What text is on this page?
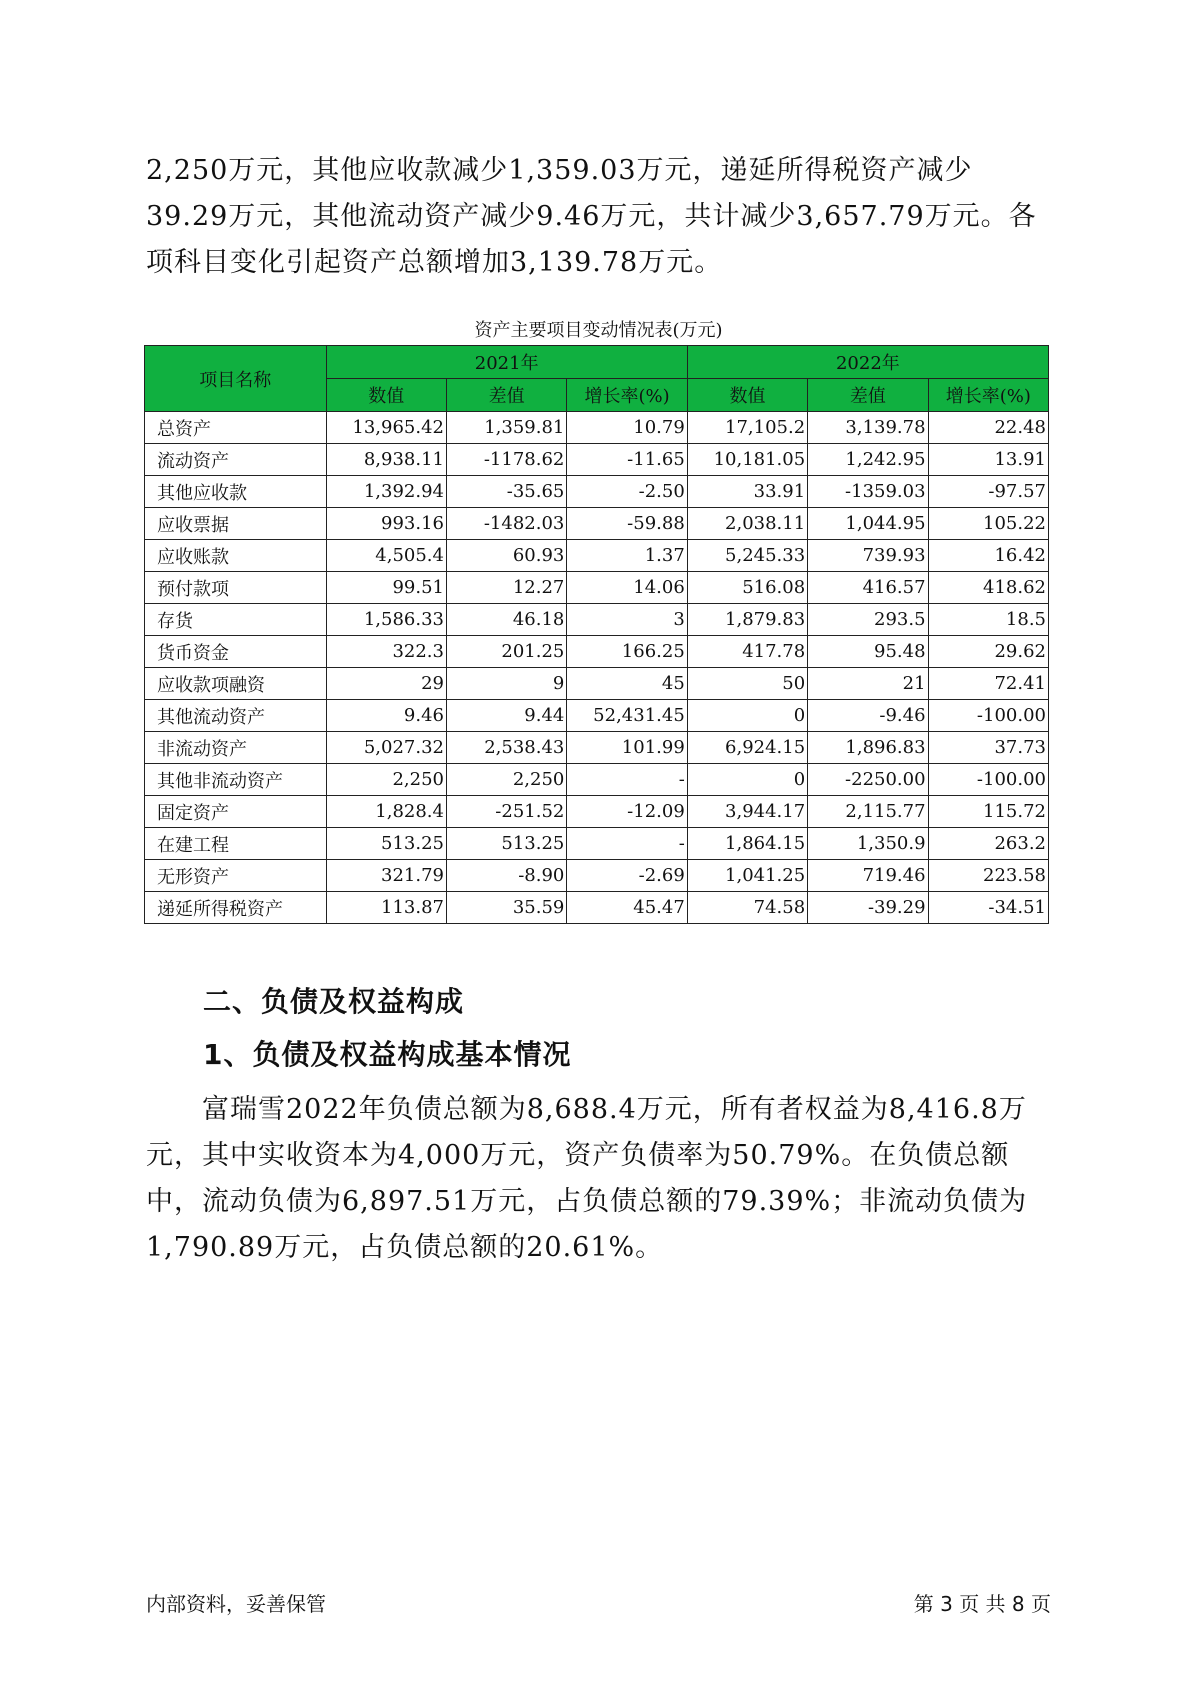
2,250万元，其他应收款减少1,359.03万元，递延所得税资产减少39.29万元，其他流动资产减少9.46万元，共计减少3,657.79万元。各项科目变化引起资产总额增加3,139.78万元。

资产主要项目变动情况表(万元)
项目名称	2021年			2022年		
	数值	差值	增长率(%)	数值	差值	增长率(%)
总资产	13,965.42	1,359.81	10.79	17,105.2	3,139.78	22.48
流动资产	8,938.11	-1178.62	-11.65	10,181.05	1,242.95	13.91
其他应收款	1,392.94	-35.65	-2.50	33.91	-1359.03	-97.57
应收票据	993.16	-1482.03	-59.88	2,038.11	1,044.95	105.22
应收账款	4,505.4	60.93	1.37	5,245.33	739.93	16.42
预付款项	99.51	12.27	14.06	516.08	416.57	418.62
存货	1,586.33	46.18	3	1,879.83	293.5	18.5
货币资金	322.3	201.25	166.25	417.78	95.48	29.62
应收款项融资	29	9	45	50	21	72.41
其他流动资产	9.46	9.44	52,431.45	0	-9.46	-100.00
非流动资产	5,027.32	2,538.43	101.99	6,924.15	1,896.83	37.73
其他非流动资产	2,250	2,250	-	0	-2250.00	-100.00
固定资产	1,828.4	-251.52	-12.09	3,944.17	2,115.77	115.72
在建工程	513.25	513.25	-	1,864.15	1,350.9	263.2
无形资产	321.79	-8.90	-2.69	1,041.25	719.46	223.58
递延所得税资产	113.87	35.59	45.47	74.58	-39.29	-34.51
二、负债及权益构成
1、负债及权益构成基本情况

富瑞雪2022年负债总额为8,688.4万元，所有者权益为8,416.8万元，其中实收资本为4,000万元，资产负债率为50.79%。在负债总额中，流动负债为6,897.51万元，占负债总额的79.39%；非流动负债为1,790.89万元，占负债总额的20.61%。

内部资料，妥善保管	第 3 页 共 8 页
